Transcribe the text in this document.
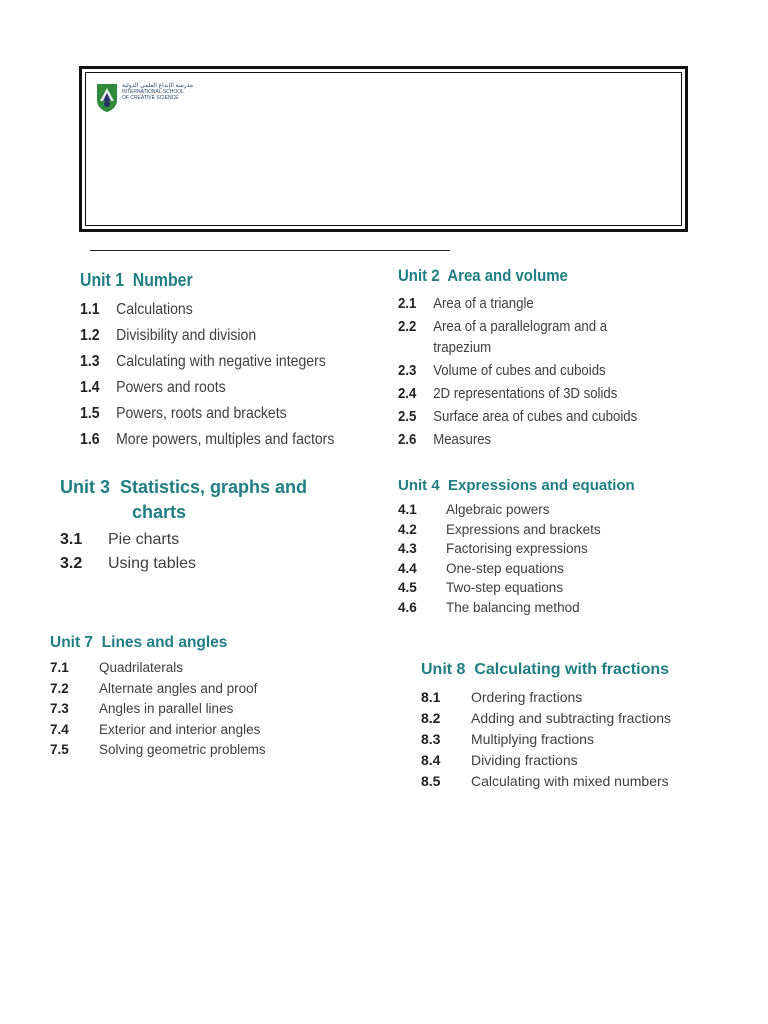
مدرسة الإبداع العلمي الدولية
INTERNATIONAL SCHOOL
OF CREATIVE SCIENCE
Unit 1  Number
1.1	Calculations
1.2	Divisibility and division
1.3	Calculating with negative integers
1.4	Powers and roots
1.5	Powers, roots and brackets
1.6	More powers, multiples and factors
Unit 2  Area and volume
2.1	Area of a triangle
2.2	Area of a parallelogram and a
trapezium
2.3	Volume of cubes and cuboids
2.4	2D representations of 3D solids
2.5	Surface area of cubes and cuboids
2.6	Measures
Unit 3  Statistics, graphs and
charts
3.1	Pie charts
3.2	Using tables
Unit 4  Expressions and equation
4.1	Algebraic powers
4.2	Expressions and brackets
4.3	Factorising expressions
4.4	One-step equations
4.5	Two-step equations
4.6	The balancing method
Unit 7  Lines and angles
7.1	Quadrilaterals
7.2	Alternate angles and proof
7.3	Angles in parallel lines
7.4	Exterior and interior angles
7.5	Solving geometric problems
Unit 8  Calculating with fractions
8.1	Ordering fractions
8.2	Adding and subtracting fractions
8.3	Multiplying fractions
8.4	Dividing fractions
8.5	Calculating with mixed numbers
